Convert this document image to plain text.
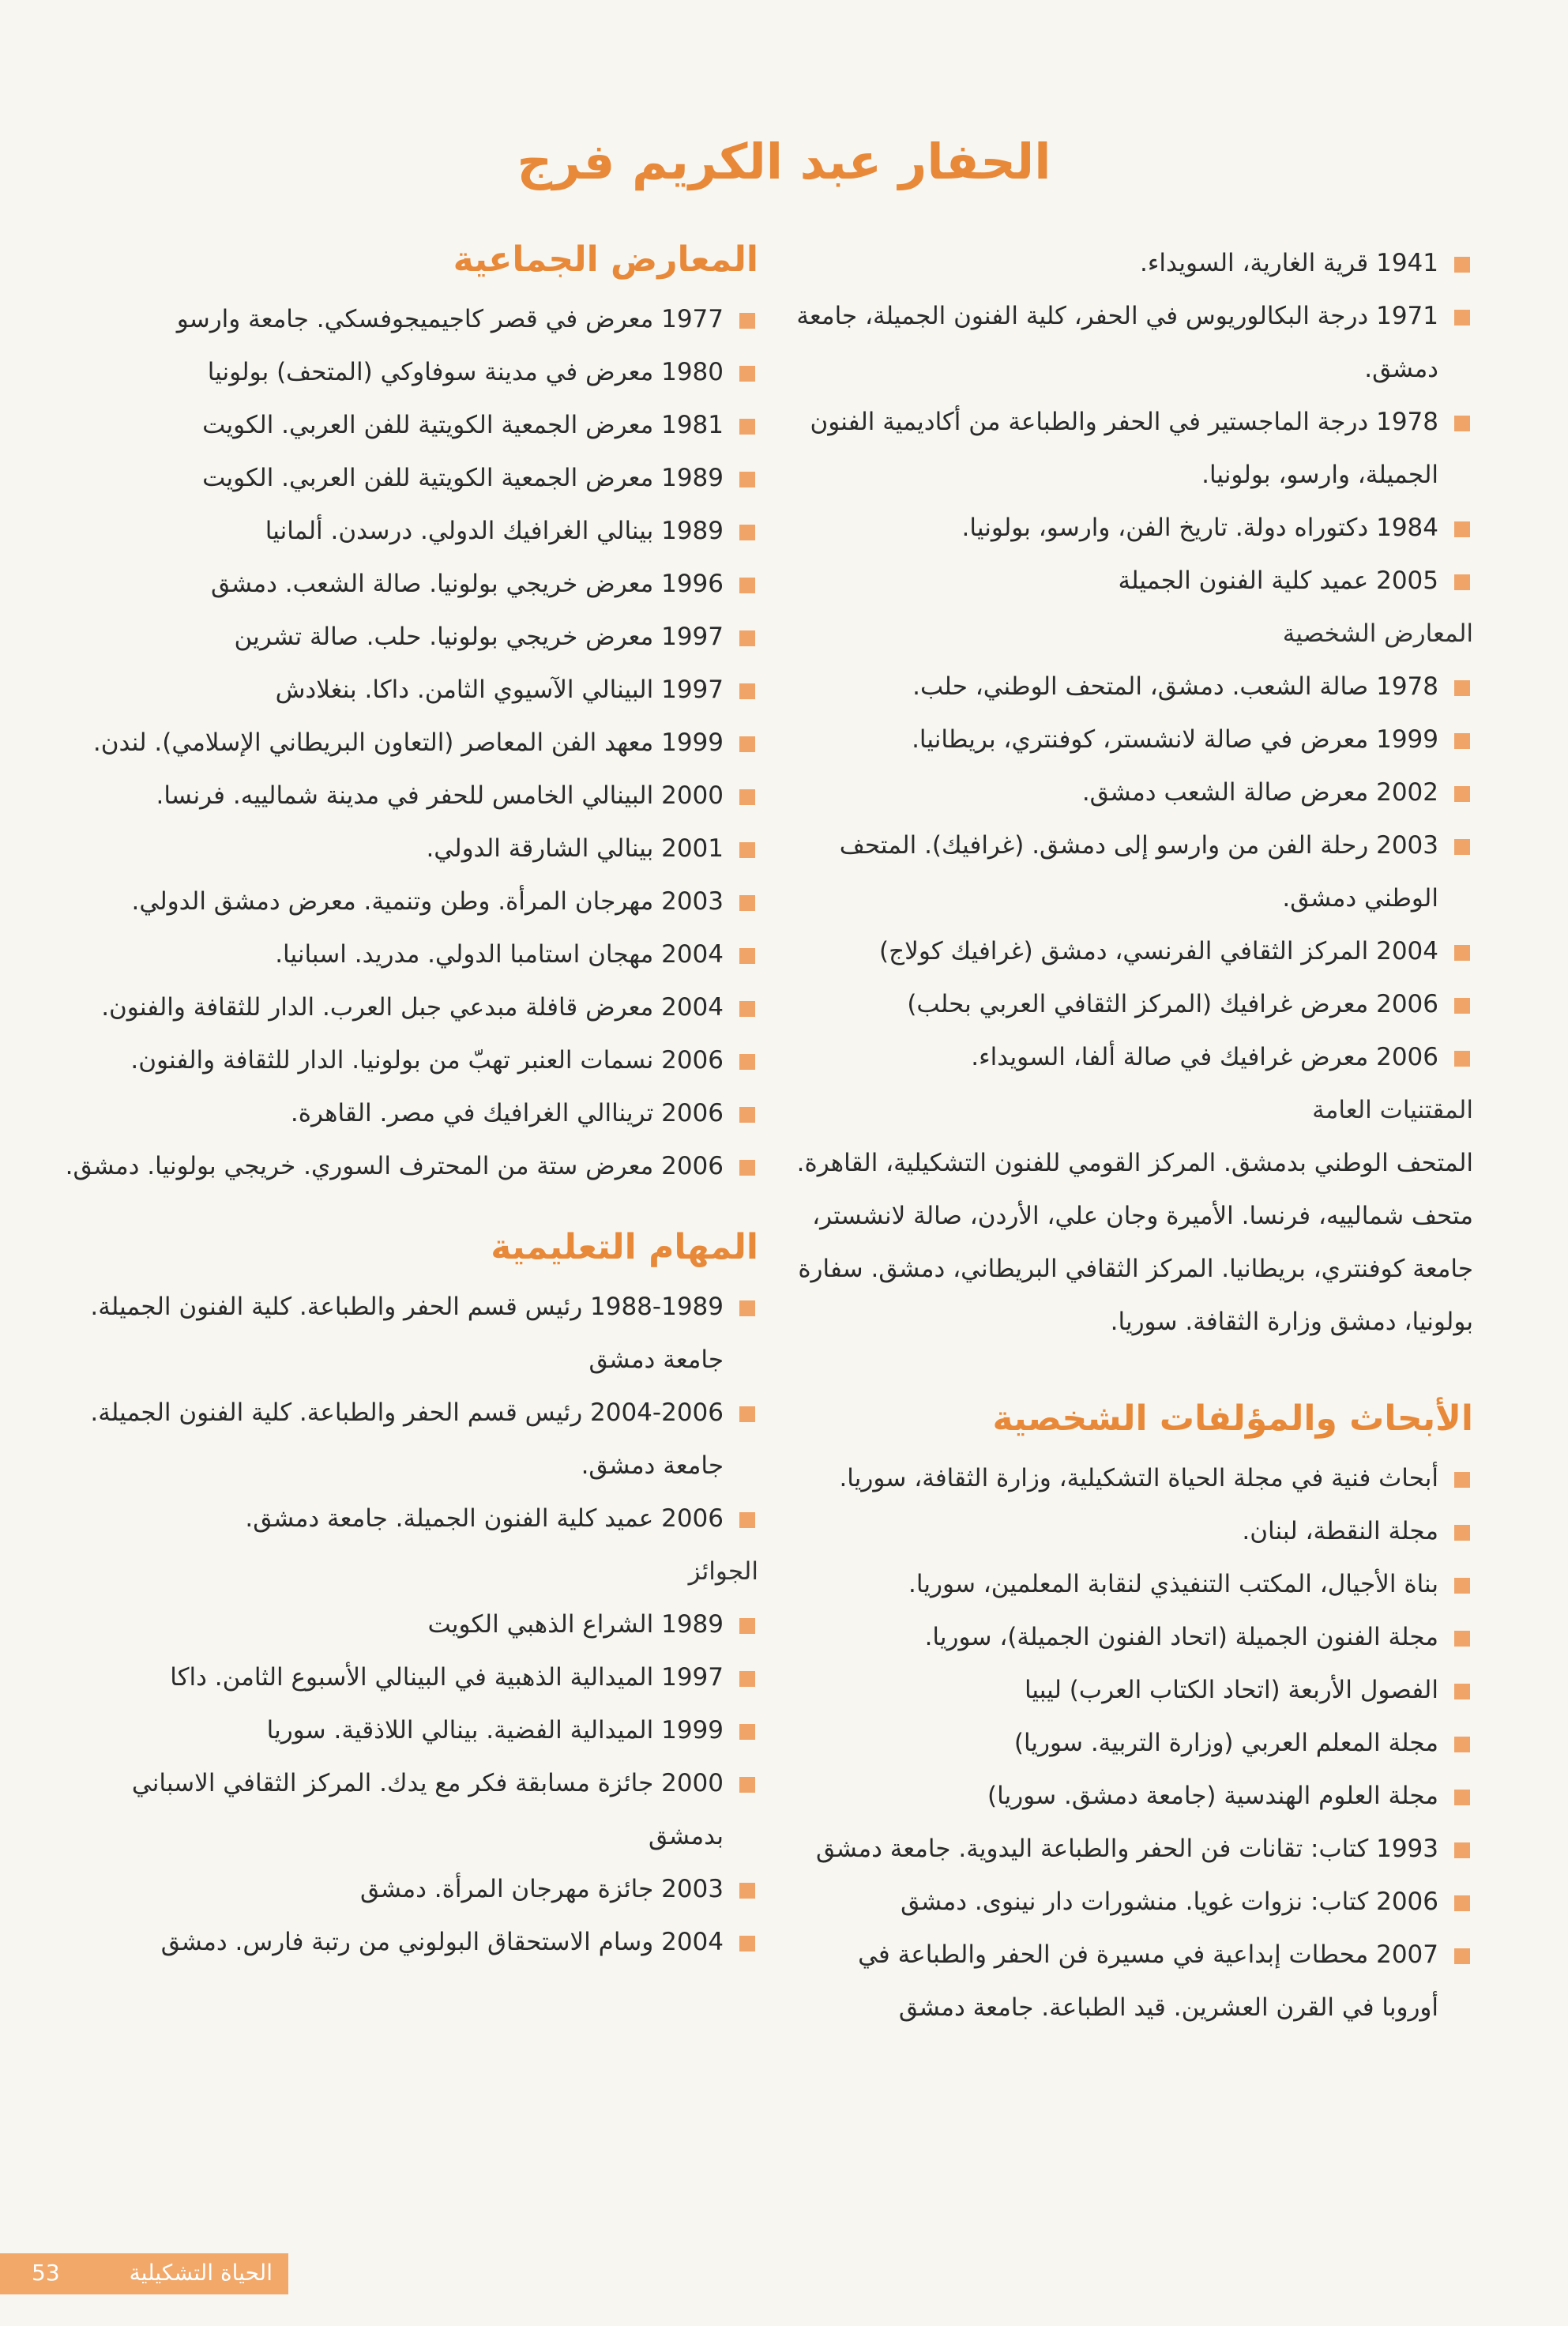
الحفار عبد الكريم فرج
1941 قرية الغارية، السويداء.
1971 درجة البكالوريوس في الحفر، كلية الفنون الجميلة، جامعة دمشق.
1978 درجة الماجستير في الحفر والطباعة من أكاديمية الفنون الجميلة، وارسو، بولونيا.
1984 دكتوراه دولة. تاريخ الفن، وارسو، بولونيا.
2005 عميد كلية الفنون الجميلة

المعارض الشخصية

1978 صالة الشعب. دمشق، المتحف الوطني، حلب.
1999 معرض في صالة لانشستر، كوفنتري، بريطانيا.
2002 معرض صالة الشعب دمشق.
2003 رحلة الفن من وارسو إلى دمشق. (غرافيك). المتحف الوطني دمشق.
2004 المركز الثقافي الفرنسي، دمشق (غرافيك كولاج)
2006 معرض غرافيك (المركز الثقافي العربي بحلب)
2006 معرض غرافيك في صالة ألفا، السويداء.

المقتنيات العامة

المتحف الوطني بدمشق. المركز القومي للفنون التشكيلية، القاهرة. متحف شمالييه، فرنسا. الأميرة وجان علي، الأردن، صالة لانشستر، جامعة كوفنتري، بريطانيا. المركز الثقافي البريطاني، دمشق. سفارة بولونيا، دمشق وزارة الثقافة. سوريا.

الأبحاث والمؤلفات الشخصية
أبحاث فنية في مجلة الحياة التشكيلية، وزارة الثقافة، سوريا.
مجلة النقطة، لبنان.
بناة الأجيال، المكتب التنفيذي لنقابة المعلمين، سوريا.
مجلة الفنون الجميلة (اتحاد الفنون الجميلة)، سوريا.
الفصول الأربعة (اتحاد الكتاب العرب) ليبيا
مجلة المعلم العربي (وزارة التربية. سوريا)
مجلة العلوم الهندسية (جامعة دمشق. سوريا)
1993 كتاب: تقانات فن الحفر والطباعة اليدوية. جامعة دمشق
2006 كتاب: نزوات غويا. منشورات دار نينوى. دمشق
2007 محطات إبداعية في مسيرة فن الحفر والطباعة في أوروبا في القرن العشرين. قيد الطباعة. جامعة دمشق
المعارض الجماعية
1977 معرض في قصر كاجيميجوفسكي. جامعة وارسو
1980 معرض في مدينة سوفاوكي (المتحف) بولونيا
1981 معرض الجمعية الكويتية للفن العربي. الكويت
1989 معرض الجمعية الكويتية للفن العربي. الكويت
1989 بينالي الغرافيك الدولي. درسدن. ألمانيا
1996 معرض خريجي بولونيا. صالة الشعب. دمشق
1997 معرض خريجي بولونيا. حلب. صالة تشرين
1997 البينالي الآسيوي الثامن. داكا. بنغلادش
1999 معهد الفن المعاصر (التعاون البريطاني الإسلامي). لندن.
2000 البينالي الخامس للحفر في مدينة شمالييه. فرنسا.
2001 بينالي الشارقة الدولي.
2003 مهرجان المرأة. وطن وتنمية. معرض دمشق الدولي.
2004 مهجان استامبا الدولي. مدريد. اسبانيا.
2004 معرض قافلة مبدعي جبل العرب. الدار للثقافة والفنون.
2006 نسمات العنبر تهبّ من بولونيا. الدار للثقافة والفنون.
2006 تريناالي الغرافيك في مصر. القاهرة.
2006 معرض ستة من المحترف السوري. خريجي بولونيا. دمشق.
المهام التعليمية
1988-1989 رئيس قسم الحفر والطباعة. كلية الفنون الجميلة. جامعة دمشق
2004-2006 رئيس قسم الحفر والطباعة. كلية الفنون الجميلة. جامعة دمشق.
2006 عميد كلية الفنون الجميلة. جامعة دمشق.

الجوائز

1989 الشراع الذهبي الكويت
1997 الميدالية الذهبية في البينالي الأسبوع الثامن. داكا
1999 الميدالية الفضية. بينالي اللاذقية. سوريا
2000 جائزة مسابقة فكر مع يدك. المركز الثقافي الاسباني بدمشق
2003 جائزة مهرجان المرأة. دمشق
2004 وسام الاستحقاق البولوني من رتبة فارس. دمشق
الحياة التشكيلية
53
